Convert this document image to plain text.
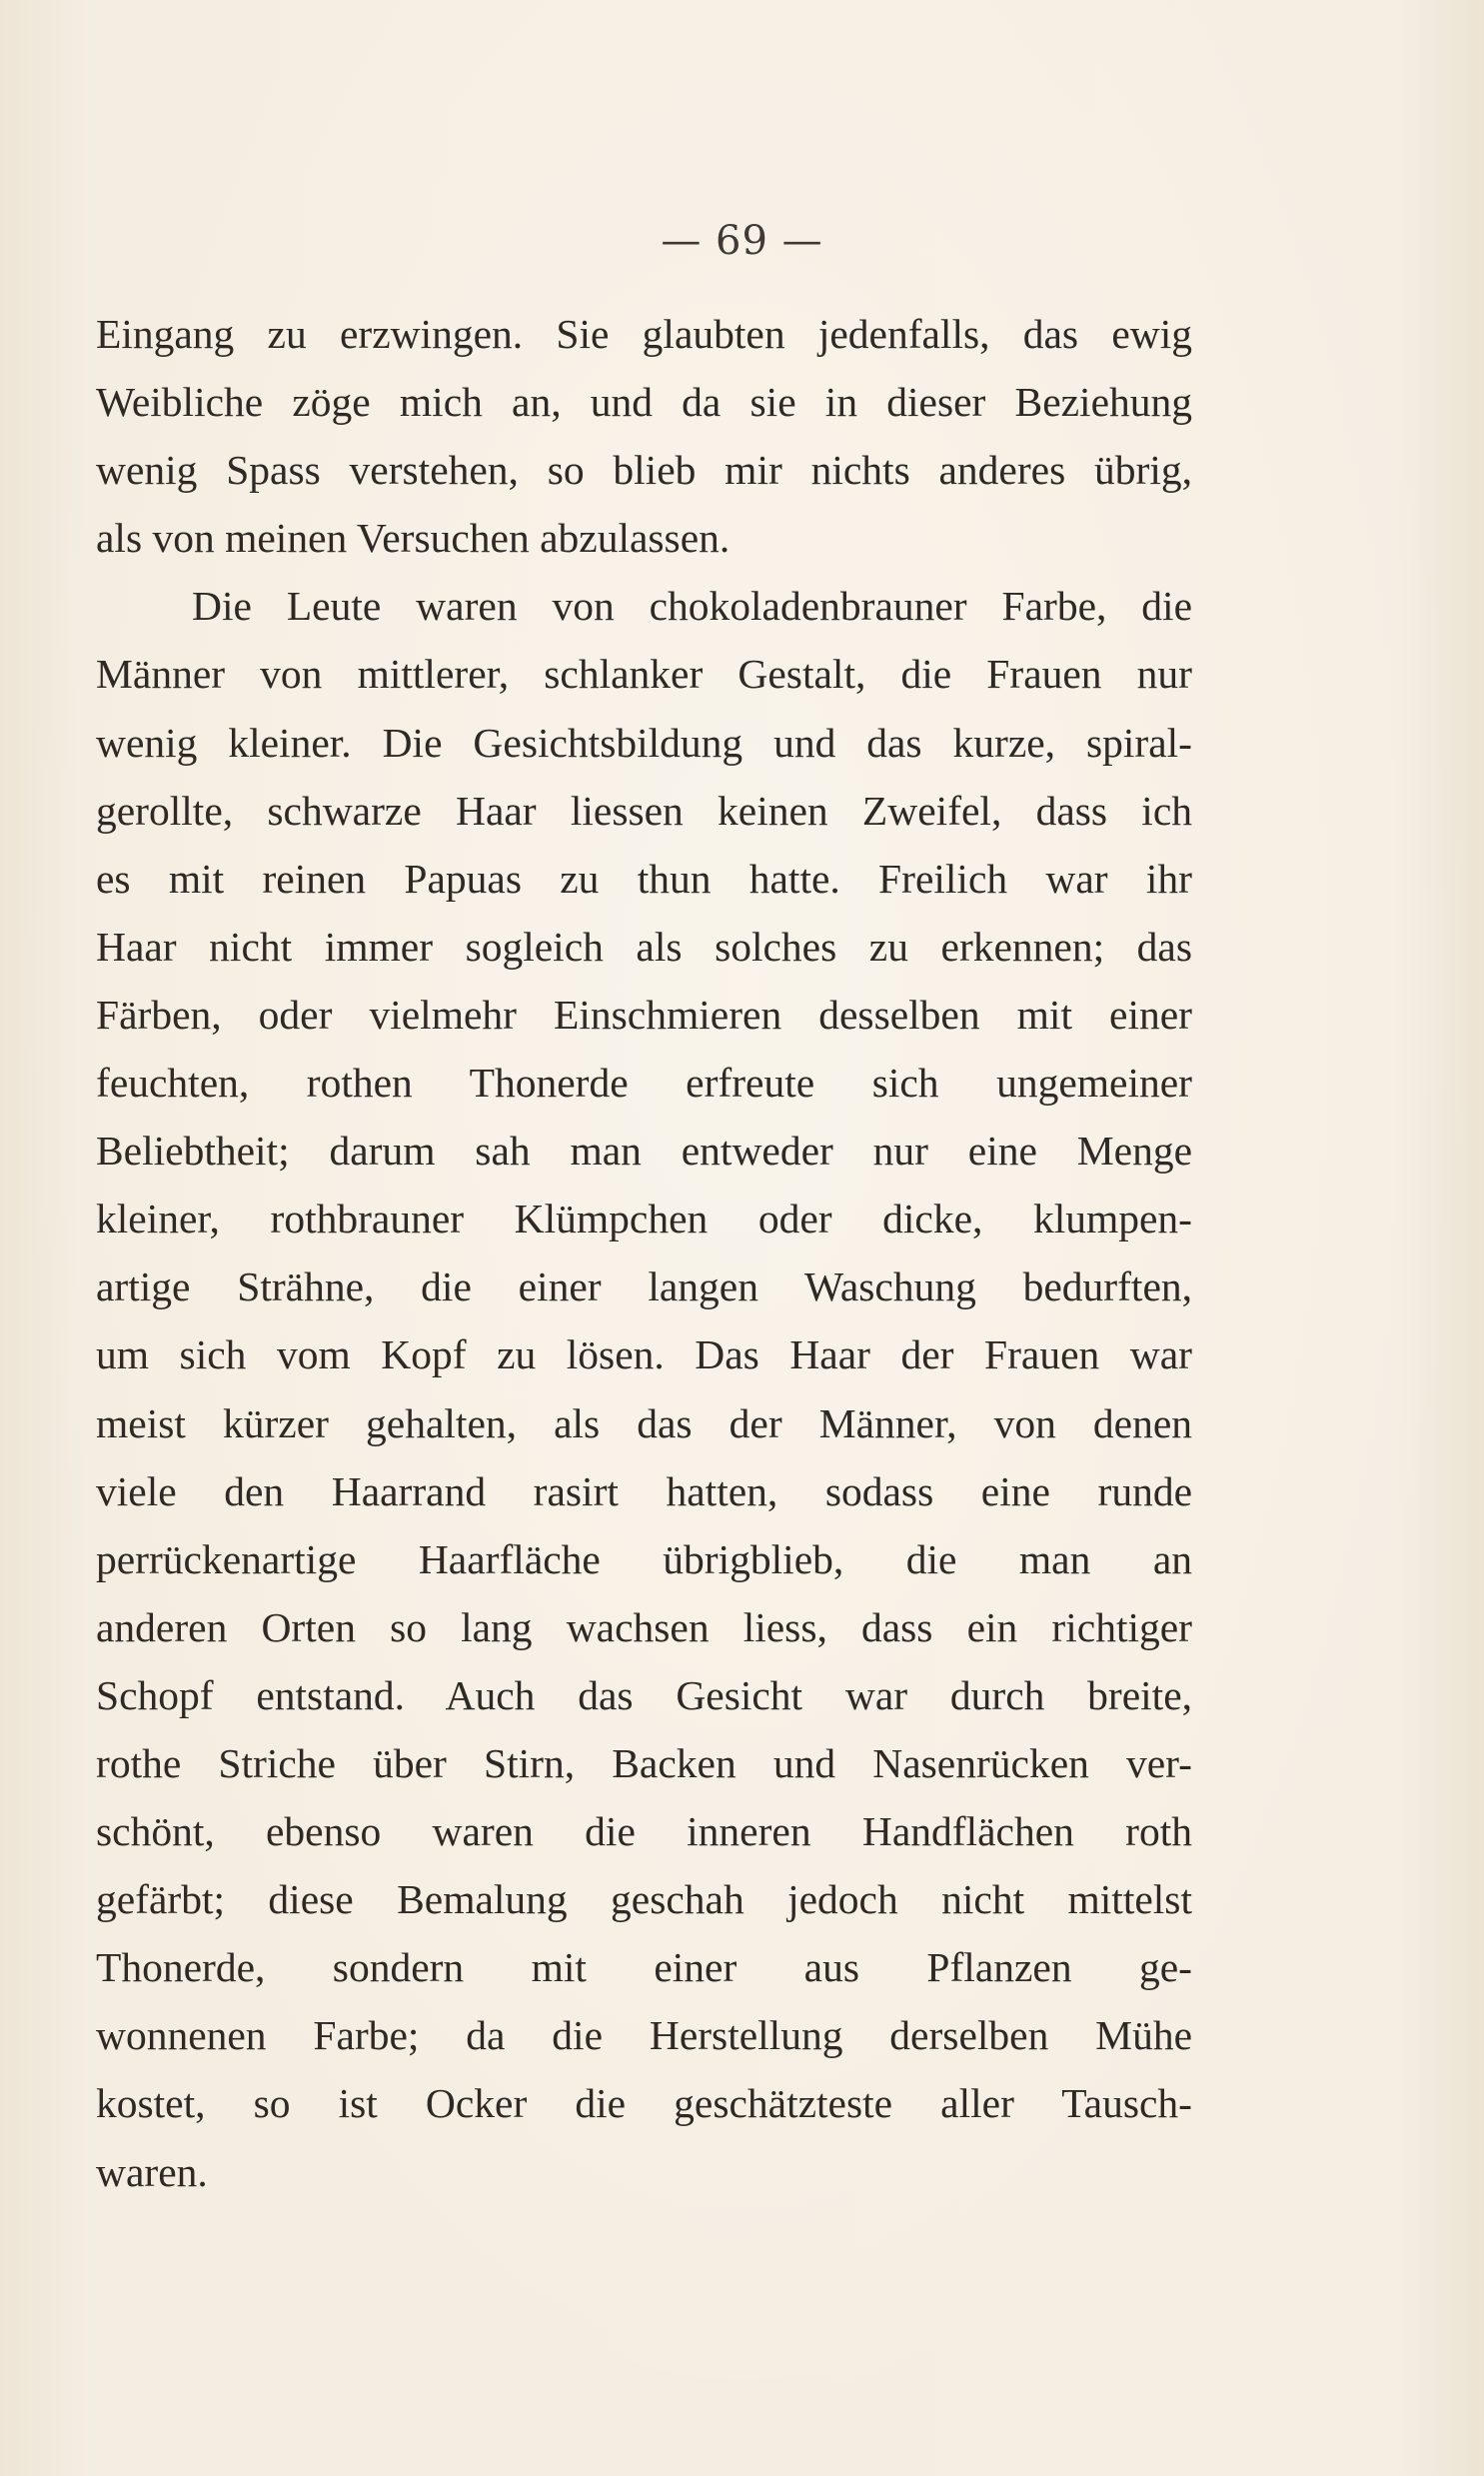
— 69 —
Eingang zu erzwingen. Sie glaubten jedenfalls, das ewig
Weibliche zöge mich an, und da sie in dieser Beziehung
wenig Spass verstehen, so blieb mir nichts anderes übrig,
als von meinen Versuchen abzulassen.
Die Leute waren von chokoladenbrauner Farbe, die
Männer von mittlerer, schlanker Gestalt, die Frauen nur
wenig kleiner. Die Gesichtsbildung und das kurze, spiral-
gerollte, schwarze Haar liessen keinen Zweifel, dass ich
es mit reinen Papuas zu thun hatte. Freilich war ihr
Haar nicht immer sogleich als solches zu erkennen; das
Färben, oder vielmehr Einschmieren desselben mit einer
feuchten, rothen Thonerde erfreute sich ungemeiner
Beliebtheit; darum sah man entweder nur eine Menge
kleiner, rothbrauner Klümpchen oder dicke, klumpen-
artige Strähne, die einer langen Waschung bedurften,
um sich vom Kopf zu lösen. Das Haar der Frauen war
meist kürzer gehalten, als das der Männer, von denen
viele den Haarrand rasirt hatten, sodass eine runde
perrückenartige Haarfläche übrigblieb, die man an
anderen Orten so lang wachsen liess, dass ein richtiger
Schopf entstand. Auch das Gesicht war durch breite,
rothe Striche über Stirn, Backen und Nasenrücken ver-
schönt, ebenso waren die inneren Handflächen roth
gefärbt; diese Bemalung geschah jedoch nicht mittelst
Thonerde, sondern mit einer aus Pflanzen ge-
wonnenen Farbe; da die Herstellung derselben Mühe
kostet, so ist Ocker die geschätzteste aller Tausch-
waren.
